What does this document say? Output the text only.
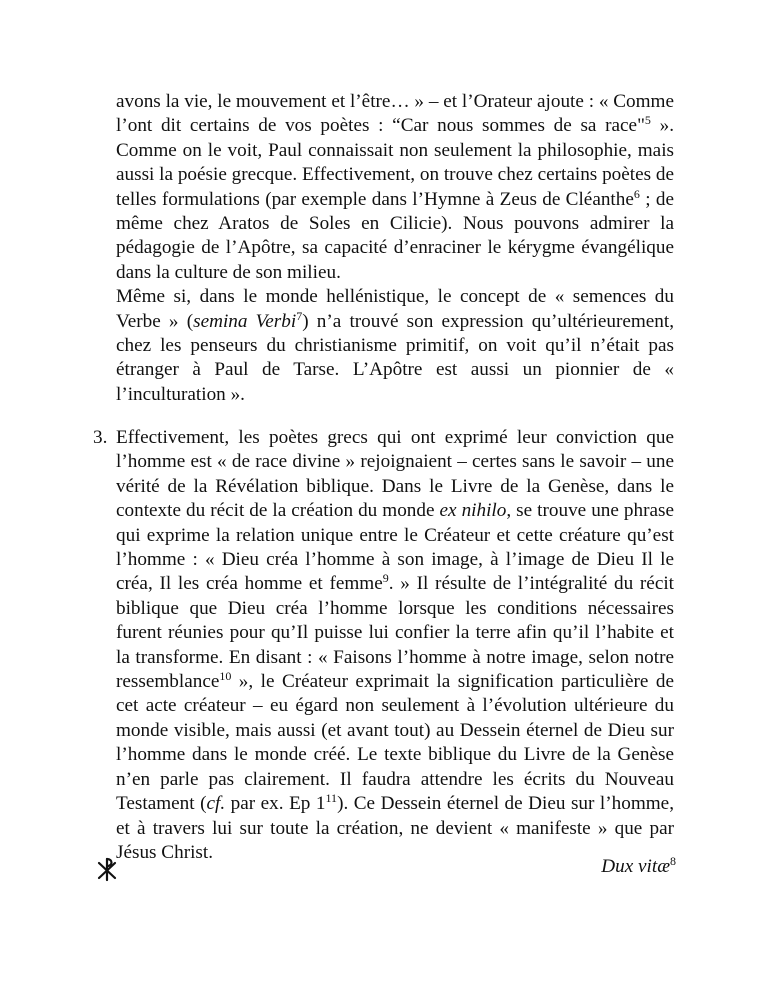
avons la vie, le mouvement et l’être… » – et l’Orateur ajoute : « Comme l’ont dit certains de vos poètes : “Car nous sommes de sa race"$^5$ ». Comme on le voit, Paul connaissait non seulement la philosophie, mais aussi la poésie grecque. Effectivement, on trouve chez certains poètes de telles formulations (par exemple dans l’Hymne à Zeus de Cléanthe$^6$ ; de même chez Aratos de Soles en Cilicie). Nous pouvons admirer la pédagogie de l’Apôtre, sa capacité d’enraciner le kérygme évangélique dans la culture de son milieu.
Même si, dans le monde hellénistique, le concept de « semences du Verbe » (semina Verbi$^7$) n’a trouvé son expression qu’ultérieurement, chez les penseurs du christianisme primitif, on voit qu’il n’était pas étranger à Paul de Tarse. L’Apôtre est aussi un pionnier de « l’inculturation ».

3. Effectivement, les poètes grecs qui ont exprimé leur conviction que l’homme est « de race divine » rejoignaient – certes sans le savoir – une vérité de la Révélation biblique. Dans le Livre de la Genèse, dans le contexte du récit de la création du monde ex nihilo, se trouve une phrase qui exprime la relation unique entre le Créateur et cette créature qu’est l’homme : « Dieu créa l’homme à son image, à l’image de Dieu Il le créa, Il les créa homme et femme$^9$. » Il résulte de l’intégralité du récit biblique que Dieu créa l’homme lorsque les conditions nécessaires furent réunies pour qu’Il puisse lui confier la terre afin qu’il l’habite et la transforme. En disant : « Faisons l’homme à notre image, selon notre ressemblance$^{10}$ », le Créateur exprimait la signification particulière de cet acte créateur – eu égard non seulement à l’évolution ultérieure du monde visible, mais aussi (et avant tout) au Dessein éternel de Dieu sur l’homme dans le monde créé. Le texte biblique du Livre de la Genèse n’en parle pas clairement. Il faudra attendre les écrits du Nouveau Testament (cf. par ex. Ep $1^{11}$). Ce Dessein éternel de Dieu sur l’homme, et à travers lui sur toute la création, ne devient « manifeste » que par Jésus Christ.

Dux vitæ$^8$
